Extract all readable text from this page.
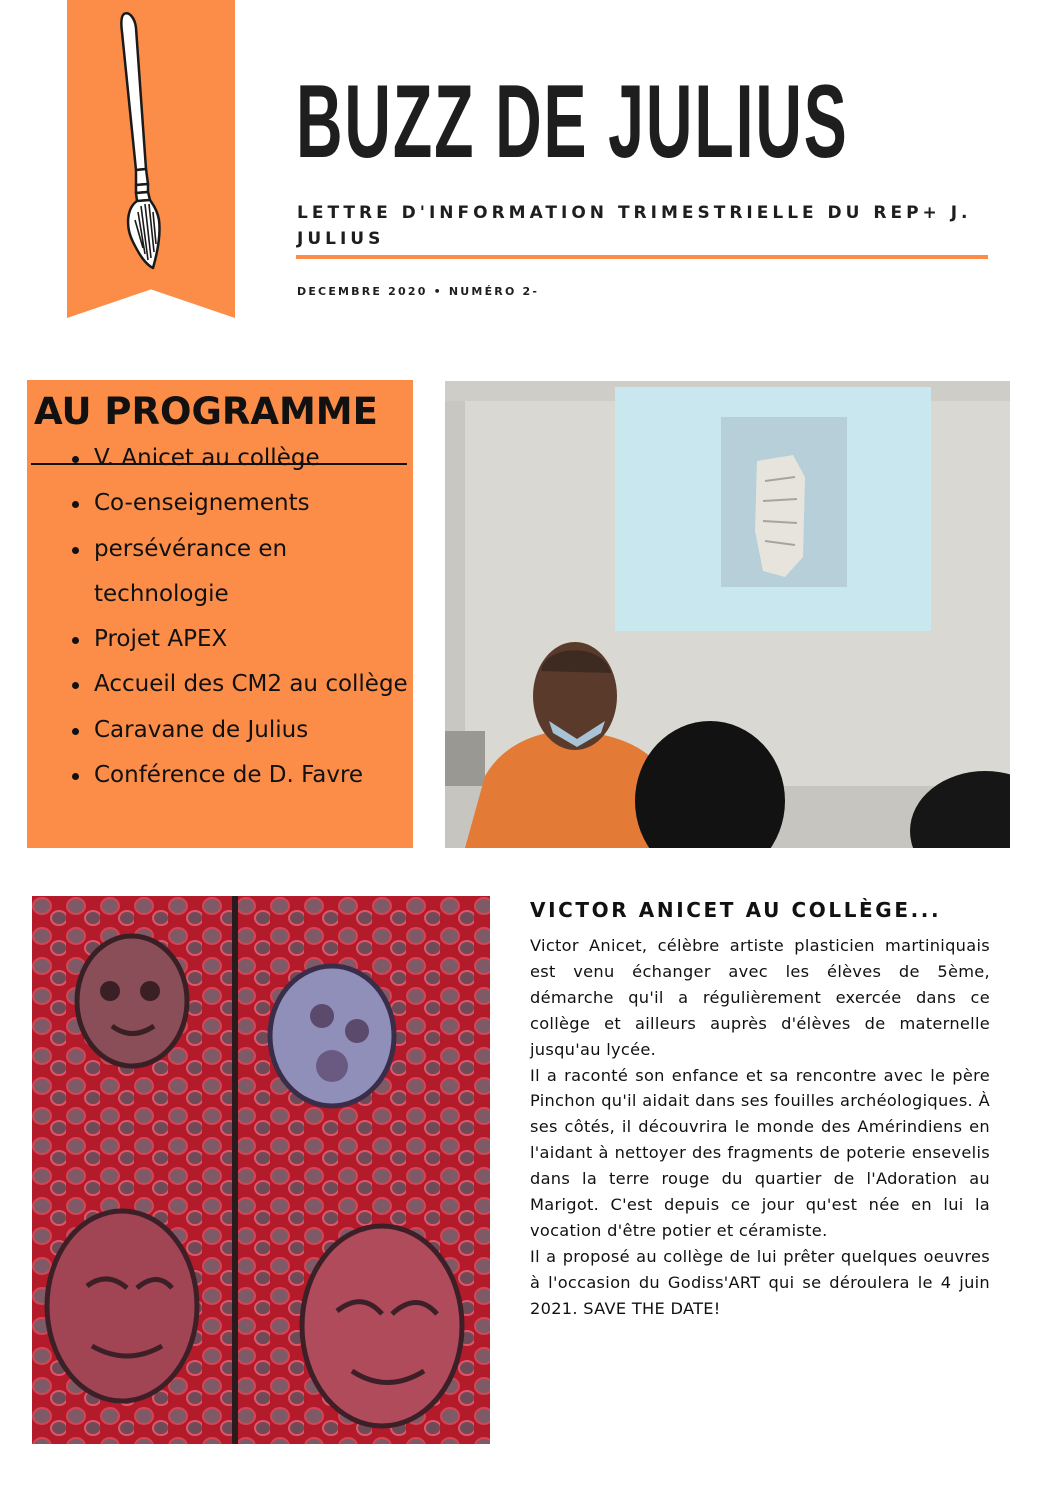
BUZZ DE JULIUS
LETTRE D'INFORMATION TRIMESTRIELLE DU REP+ J. JULIUS
DECEMBRE 2020 • NUMÉRO 2-
AU PROGRAMME
V. Anicet au collège
Co-enseignements
persévérance en technologie
Projet APEX
Accueil des CM2 au collège
Caravane de Julius
Conférence de D. Favre
VICTOR ANICET AU COLLÈGE...

Victor Anicet, célèbre artiste plasticien martiniquais est venu échanger avec les élèves de 5ème, démarche qu'il a régulièrement exercée dans ce collège et ailleurs auprès d'élèves de maternelle jusqu'au lycée.

Il a raconté son enfance et sa rencontre avec le père Pinchon qu'il aidait dans ses fouilles archéologiques. À ses côtés, il découvrira le monde des Amérindiens en l'aidant à nettoyer des fragments de poterie ensevelis dans la terre rouge du quartier de l'Adoration au Marigot. C'est depuis ce jour qu'est née en lui la vocation d'être potier et céramiste.

Il a proposé au collège de lui prêter quelques oeuvres à l'occasion du Godiss'ART qui se déroulera le 4 juin 2021. SAVE THE DATE!
